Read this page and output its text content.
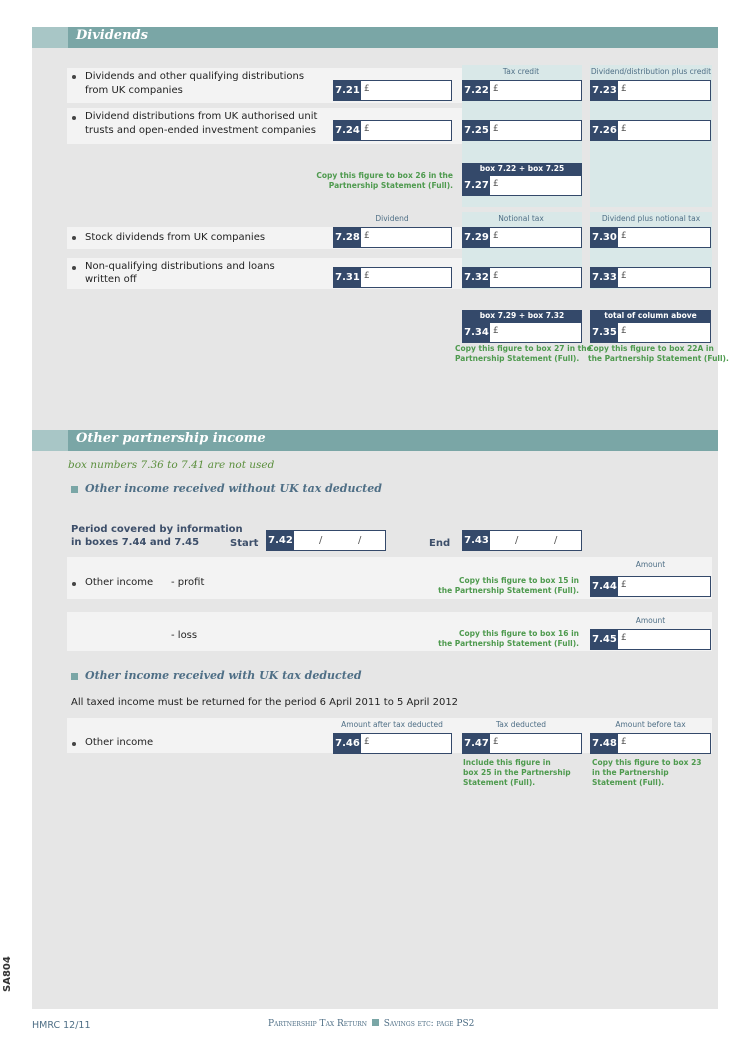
Dividends
Tax credit	Dividend/distribution plus credit
Dividends and other qualifying distributions
from UK companies	7.21 £	7.22 £	7.23 £
Dividend distributions from UK authorised unit
trusts and open-ended investment companies 7.24 £	7.25 £	7.26 £
Copy this figure to box 26 in the
Partnership Statement (Full).
box 7.22 + box 7.25
7.27 £
Dividend	Notional tax	Dividend plus notional tax
Stock dividends from UK companies	7.28 £	7.29 £	7.30 £
Non-qualifying distributions and loans
written off	7.31 £	7.32 £	7.33 £
box 7.29 + box 7.32
7.34 £
Copy this figure to box 27 in the
Partnership Statement (Full).
total of column above
7.35 £
Copy this figure to box 22A in
the Partnership Statement (Full).
Other partnership income
box numbers 7.36 to 7.41 are not used
Other income received without UK tax deducted
Period covered by information
in boxes 7.44 and 7.45	Start 7.42	/	/	End 7.43	/	/
Amount
Other income - profit	Copy this figure to box 15 in
the Partnership Statement (Full). 7.44 £
Amount
- loss	Copy this figure to box 16 in
the Partnership Statement (Full). 7.45 £
Other income received with UK tax deducted
All taxed income must be returned for the period 6 April 2011 to 5 April 2012
Amount after tax deducted	Tax deducted	Amount before tax
Other income	7.46 £	7.47 £	7.48 £
Include this figure in
box 25 in the Partnership
Statement (Full).
Copy this figure to box 23
in the Partnership
Statement (Full).
SA804
HMRC 12/11	Partnership Tax Return Savings etc: page PS2
